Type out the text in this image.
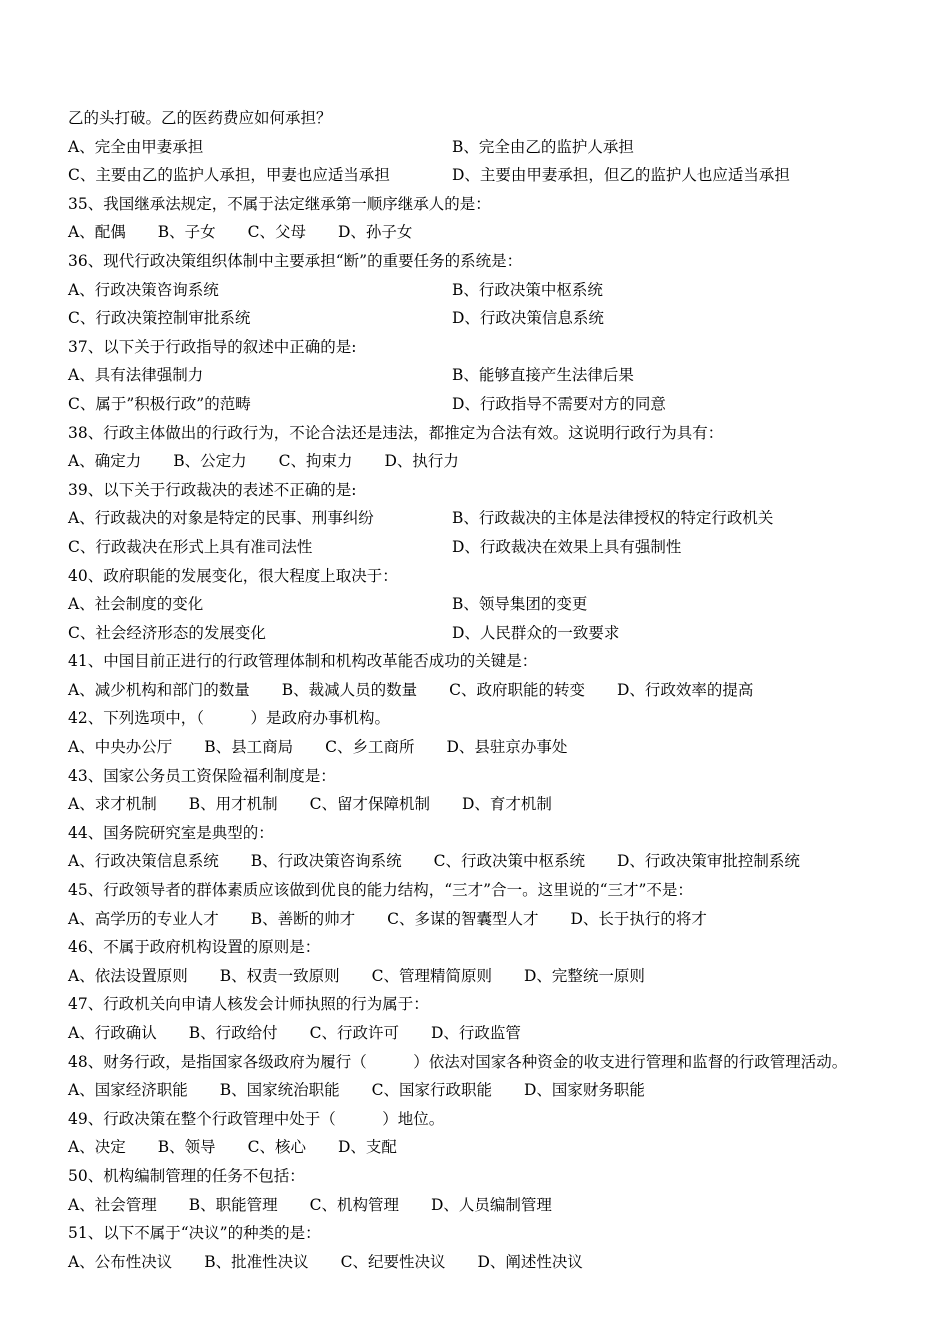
乙的头打破。乙的医药费应如何承担？
A、完全由甲妻承担	B、完全由乙的监护人承担
C、主要由乙的监护人承担，甲妻也应适当承担	D、主要由甲妻承担，但乙的监护人也应适当承担
35、我国继承法规定，不属于法定继承第一顺序继承人的是：
A、配偶 B、子女 C、父母 D、孙子女
36、现代行政决策组织体制中主要承担“断”的重要任务的系统是：
A、行政决策咨询系统	B、行政决策中枢系统
C、行政决策控制审批系统	D、行政决策信息系统
37、以下关于行政指导的叙述中正确的是:
A、具有法律强制力	B、能够直接产生法律后果
C、属于”积极行政”的范畴	D、行政指导不需要对方的同意
38、行政主体做出的行政行为，不论合法还是违法，都推定为合法有效。这说明行政行为具有：
A、确定力 B、公定力 C、拘束力 D、执行力
39、以下关于行政裁决的表述不正确的是:
A、行政裁决的对象是特定的民事、刑事纠纷	B、行政裁决的主体是法律授权的特定行政机关
C、行政裁决在形式上具有准司法性	D、行政裁决在效果上具有强制性
40、政府职能的发展变化，很大程度上取决于：
A、社会制度的变化	B、领导集团的变更
C、社会经济形态的发展变化	D、人民群众的一致要求
41、中国目前正进行的行政管理体制和机构改革能否成功的关键是：
A、减少机构和部门的数量 B、裁减人员的数量 C、政府职能的转变 D、行政效率的提高
42、下列选项中，（　　　）是政府办事机构。
A、中央办公厅 B、县工商局 C、乡工商所 D、县驻京办事处
43、国家公务员工资保险福利制度是：
A、求才机制 B、用才机制 C、留才保障机制 D、育才机制
44、国务院研究室是典型的：
A、行政决策信息系统 B、行政决策咨询系统 C、行政决策中枢系统 D、行政决策审批控制系统
45、行政领导者的群体素质应该做到优良的能力结构，“三才”合一。这里说的“三才”不是：
A、高学历的专业人才 B、善断的帅才 C、多谋的智囊型人才 D、长于执行的将才
46、不属于政府机构设置的原则是：
A、依法设置原则 B、权责一致原则 C、管理精简原则 D、完整统一原则
47、行政机关向申请人核发会计师执照的行为属于：
A、行政确认 B、行政给付 C、行政许可 D、行政监管
48、财务行政，是指国家各级政府为履行（　　　）依法对国家各种资金的收支进行管理和监督的行政管理活动。
A、国家经济职能 B、国家统治职能 C、国家行政职能 D、国家财务职能
49、行政决策在整个行政管理中处于（　　　）地位。
A、决定 B、领导 C、核心 D、支配
50、机构编制管理的任务不包括：
A、社会管理 B、职能管理 C、机构管理 D、人员编制管理
51、以下不属于“决议”的种类的是：
A、公布性决议 B、批准性决议 C、纪要性决议 D、阐述性决议
